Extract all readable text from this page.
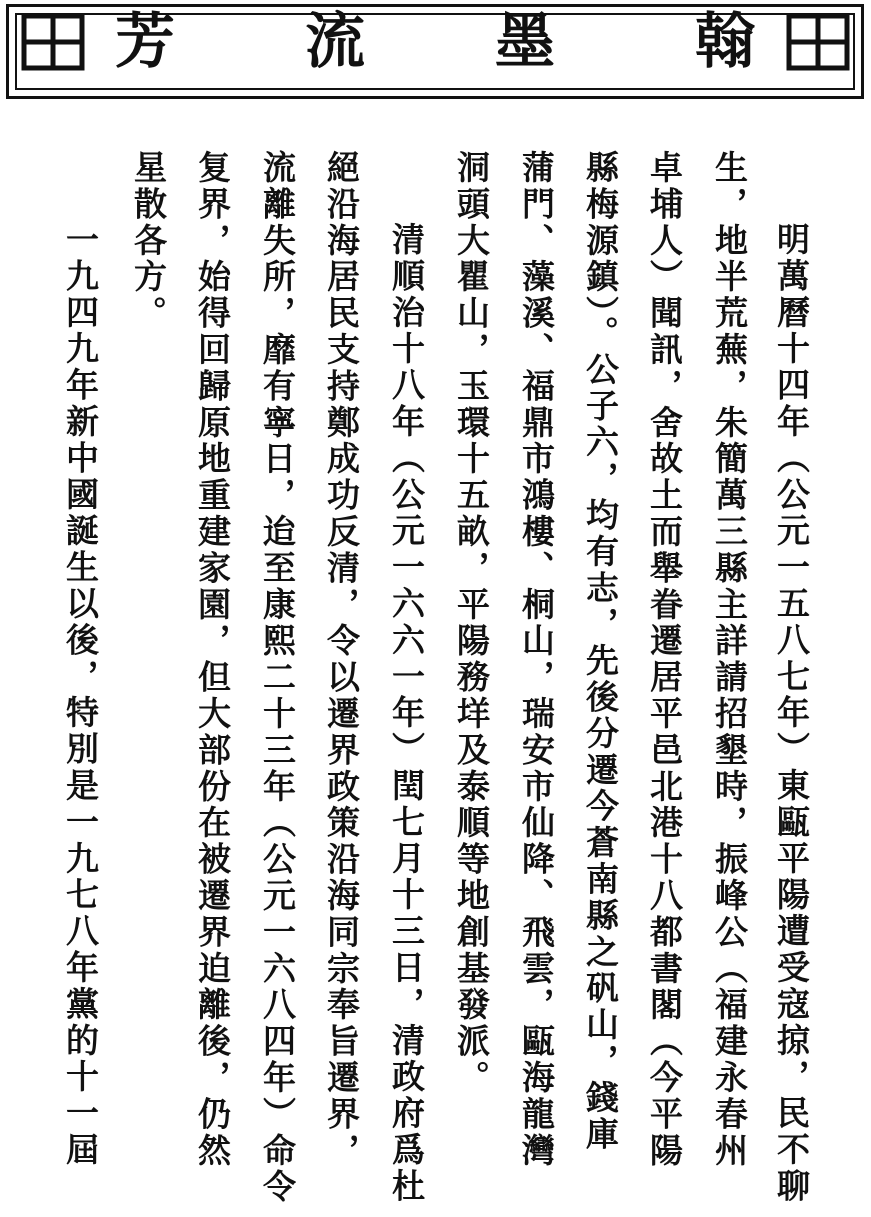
翰
墨
流
芳
明萬曆十四年（公元一五八七年）東甌平陽遭受寇掠，民不聊
生，地半荒蕪，朱簡萬三縣主詳請招墾時，振峰公（福建永春州
卓埔人）聞訊，舍故土而舉眷遷居平邑北港十八都書閣（今平陽
縣梅源鎮）。公子六，均有志，先後分遷今蒼南縣之矾山，錢庫
蒲門、藻溪、福鼎市鴻樓、桐山，瑞安市仙降、飛雲，甌海龍灣
洞頭大瞿山，玉環十五畝，平陽務垟及泰順等地創基發派。
清順治十八年（公元一六六一年）閏七月十三日，清政府爲杜
絕沿海居民支持鄭成功反清，令以遷界政策沿海同宗奉旨遷界，
流離失所，靡有寧日，迨至康熙二十三年（公元一六八四年）命令
复界，始得回歸原地重建家園，但大部份在被遷界迫離後，仍然
星散各方。
一九四九年新中國誕生以後，特別是一九七八年黨的十一屆
